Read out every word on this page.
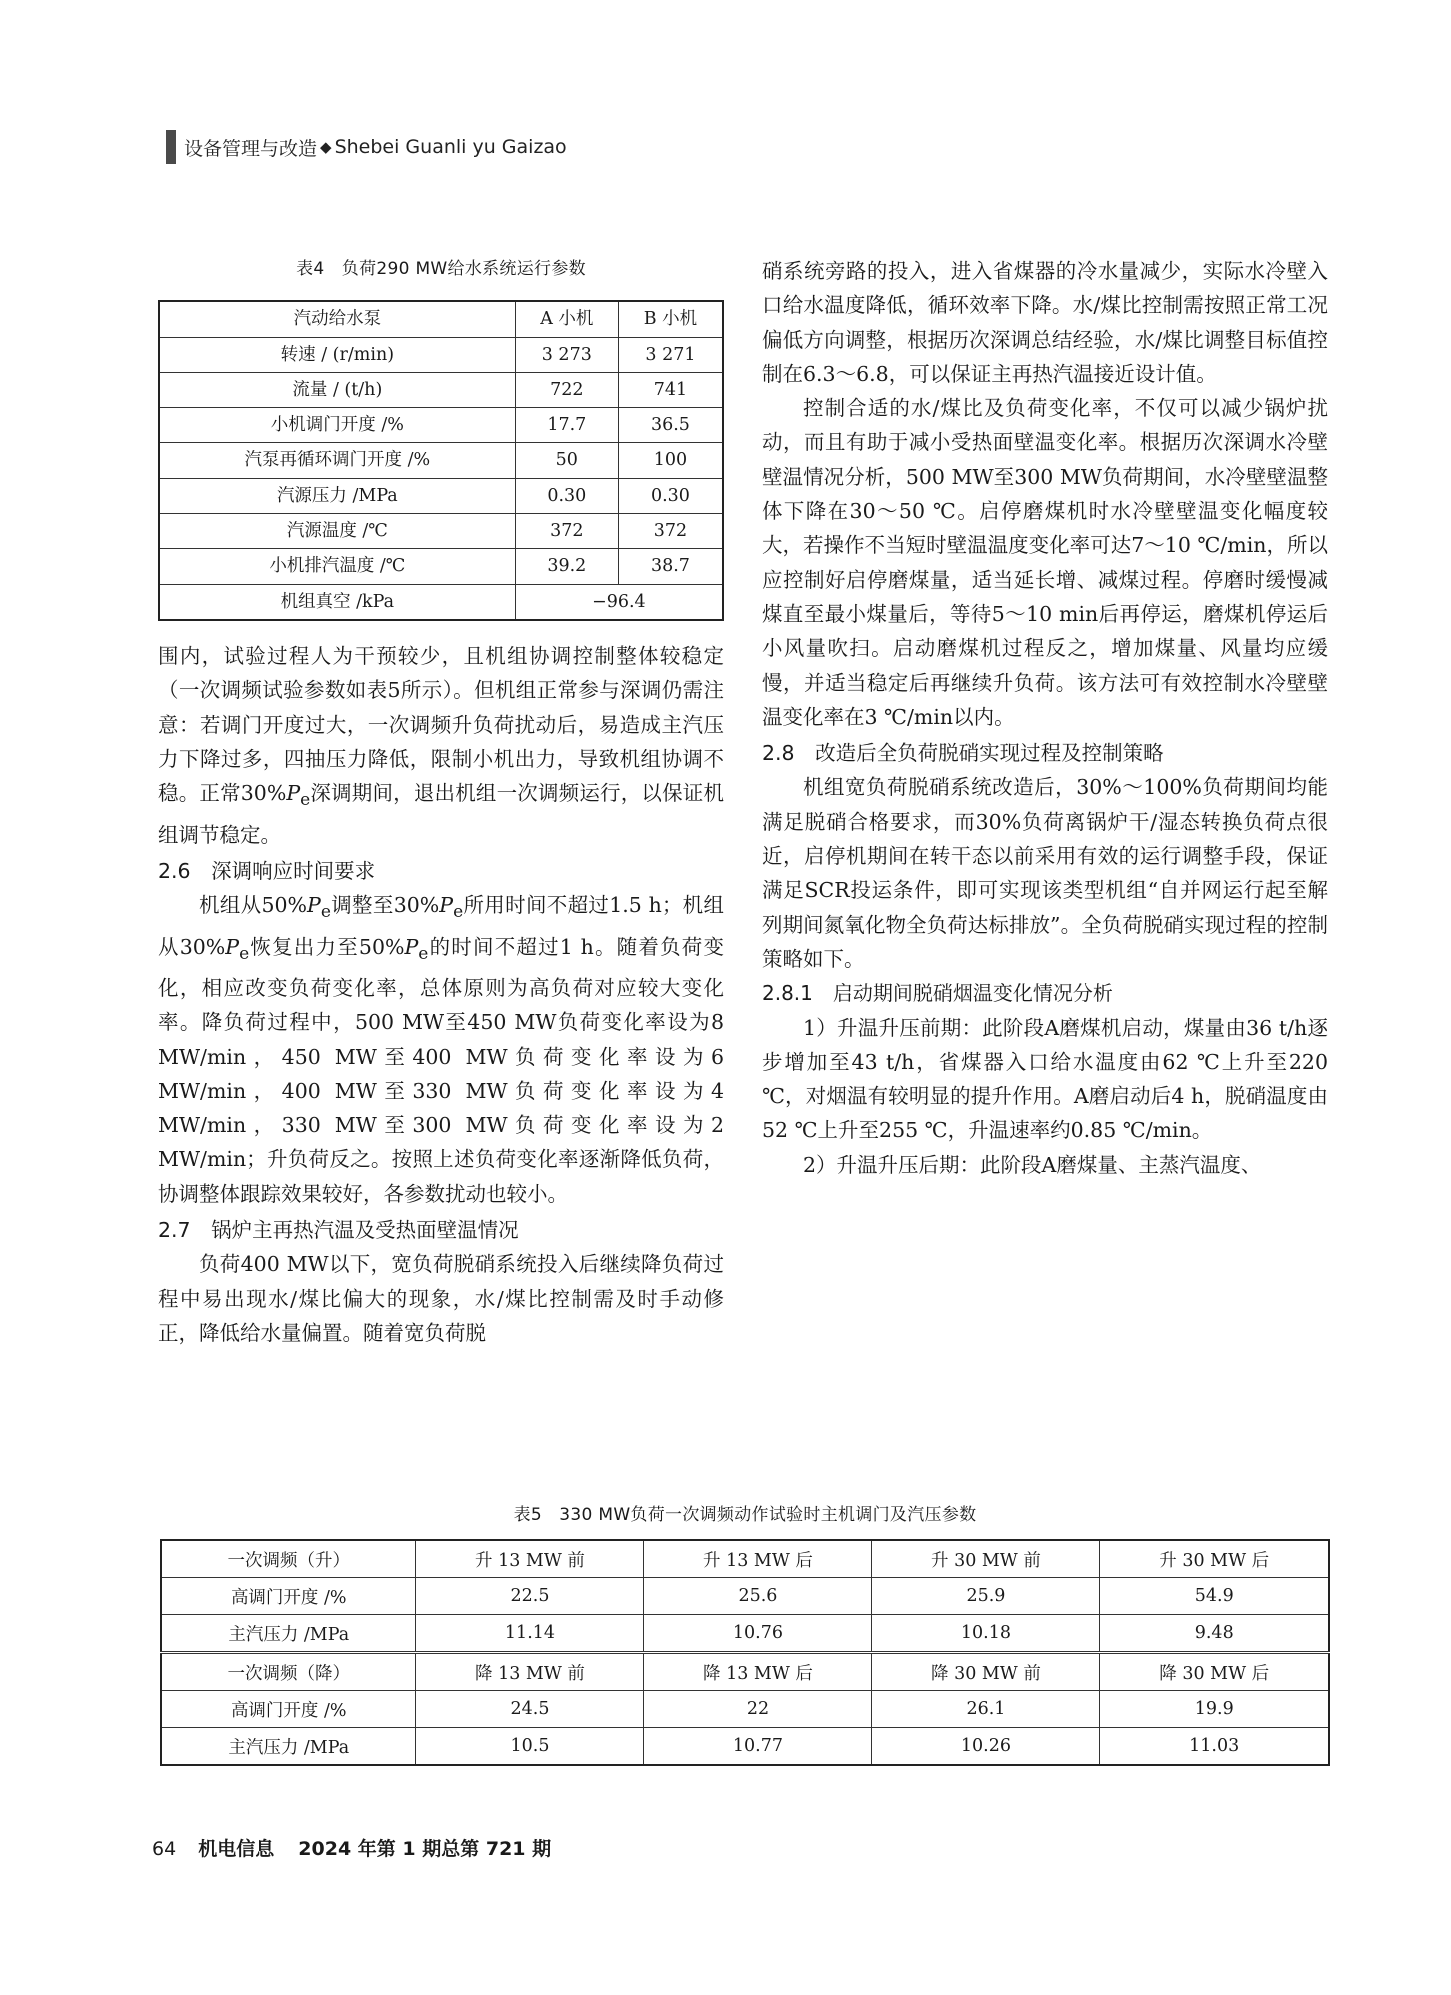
设备管理与改造 ◆ Shebei Guanli yu Gaizao
表4　负荷290 MW给水系统运行参数
汽动给水泵	A 小机	B 小机
转速 / (r/min)	3 273	3 271
流量 / (t/h)	722	741
小机调门开度 /%	17.7	36.5
汽泵再循环调门开度 /%	50	100
汽源压力 /MPa	0.30	0.30
汽源温度 /℃	372	372
小机排汽温度 /℃	39.2	38.7
机组真空 /kPa	−96.4	

围内，试验过程人为干预较少，且机组协调控制整体较稳定（一次调频试验参数如表5所示）。但机组正常参与深调仍需注意：若调门开度过大，一次调频升负荷扰动后，易造成主汽压力下降过多，四抽压力降低，限制小机出力，导致机组协调不稳。正常$30\%P_e$深调期间，退出机组一次调频运行，以保证机组调节稳定。

2.6　深调响应时间要求

机组从$50\%P_e$调整至$30\%P_e$所用时间不超过1.5 h；机组从$30\%P_e$恢复出力至$50\%P_e$的时间不超过1 h。随着负荷变化，相应改变负荷变化率，总体原则为高负荷对应较大变化率。降负荷过程中，500 MW至450 MW负荷变化率设为8 MW/min，450 MW至400 MW负荷变化率设为6 MW/min，400 MW至330 MW负荷变化率设为4 MW/min，330 MW至300 MW负荷变化率设为2 MW/min；升负荷反之。按照上述负荷变化率逐渐降低负荷，协调整体跟踪效果较好，各参数扰动也较小。

2.7　锅炉主再热汽温及受热面壁温情况

负荷400 MW以下，宽负荷脱硝系统投入后继续降负荷过程中易出现水/煤比偏大的现象，水/煤比控制需及时手动修正，降低给水量偏置。随着宽负荷脱

硝系统旁路的投入，进入省煤器的冷水量减少，实际水冷壁入口给水温度降低，循环效率下降。水/煤比控制需按照正常工况偏低方向调整，根据历次深调总结经验，水/煤比调整目标值控制在6.3～6.8，可以保证主再热汽温接近设计值。

控制合适的水/煤比及负荷变化率，不仅可以减少锅炉扰动，而且有助于减小受热面壁温变化率。根据历次深调水冷壁壁温情况分析，500 MW至300 MW负荷期间，水冷壁壁温整体下降在30～50 ℃。启停磨煤机时水冷壁壁温变化幅度较大，若操作不当短时壁温温度变化率可达7～10 ℃/min，所以应控制好启停磨煤量，适当延长增、减煤过程。停磨时缓慢减煤直至最小煤量后，等待5～10 min后再停运，磨煤机停运后小风量吹扫。启动磨煤机过程反之，增加煤量、风量均应缓慢，并适当稳定后再继续升负荷。该方法可有效控制水冷壁壁温变化率在3 ℃/min以内。

2.8　改造后全负荷脱硝实现过程及控制策略

机组宽负荷脱硝系统改造后，30%～100%负荷期间均能满足脱硝合格要求，而30%负荷离锅炉干/湿态转换负荷点很近，启停机期间在转干态以前采用有效的运行调整手段，保证满足SCR投运条件，即可实现该类型机组“自并网运行起至解列期间氮氧化物全负荷达标排放”。全负荷脱硝实现过程的控制策略如下。

2.8.1　启动期间脱硝烟温变化情况分析

1）升温升压前期：此阶段A磨煤机启动，煤量由36 t/h逐步增加至43 t/h，省煤器入口给水温度由62 ℃上升至220 ℃，对烟温有较明显的提升作用。A磨启动后4 h，脱硝温度由52 ℃上升至255 ℃，升温速率约0.85 ℃/min。

2）升温升压后期：此阶段A磨煤量、主蒸汽温度、

表5　330 MW负荷一次调频动作试验时主机调门及汽压参数
一次调频（升）	升 13 MW 前	升 13 MW 后	升 30 MW 前	升 30 MW 后
高调门开度 /%	22.5	25.6	25.9	54.9
主汽压力 /MPa	11.14	10.76	10.18	9.48
一次调频（降）	降 13 MW 前	降 13 MW 后	降 30 MW 前	降 30 MW 后
高调门开度 /%	24.5	22	26.1	19.9
主汽压力 /MPa	10.5	10.77	10.26	11.03
64 机电信息 2024 年第 1 期总第 721 期
